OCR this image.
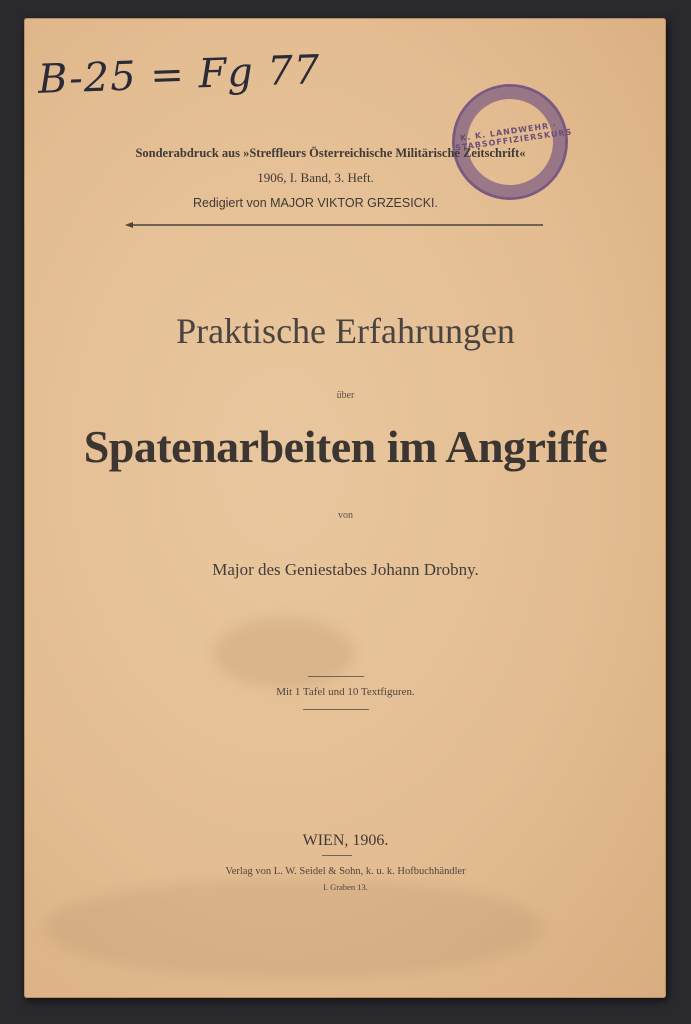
B-25 = Fg 77
K. K. LANDWEHR · STABSOFFIZIERSKURS
Sonderabdruck aus »Streffleurs Österreichische Militärische Zeitschrift«
1906, I. Band, 3. Heft.
Redigiert von MAJOR VIKTOR GRZESICKI.
Praktische Erfahrungen
über
Spatenarbeiten im Angriffe
von
Major des Geniestabes Johann Drobny.
Mit 1 Tafel und 10 Textfiguren.
WIEN, 1906.
Verlag von L. W. Seidel & Sohn, k. u. k. Hofbuchhändler
I. Graben 13.
